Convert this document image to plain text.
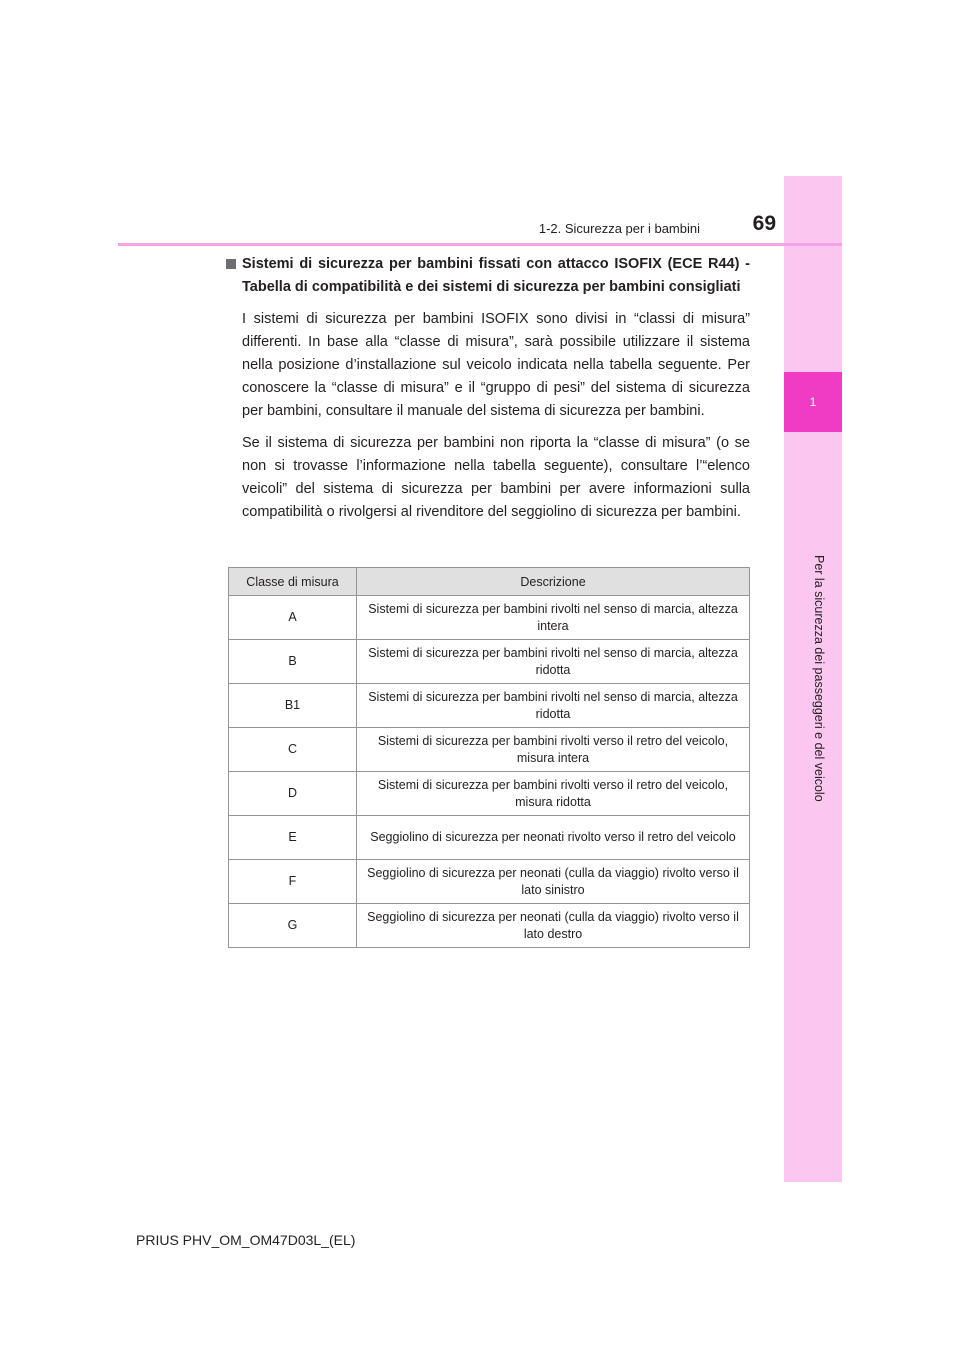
1
Per la sicurezza dei passeggeri e del veicolo
1-2. Sicurezza per i bambini	69
Sistemi di sicurezza per bambini fissati con attacco ISOFIX (ECE R44) - Tabella di compatibilità e dei sistemi di sicurezza per bambini consigliati

I sistemi di sicurezza per bambini ISOFIX sono divisi in “classi di misura” differenti. In base alla “classe di misura”, sarà possibile utilizzare il sistema nella posizione d’installazione sul veicolo indicata nella tabella seguente. Per conoscere la “classe di misura” e il “gruppo di pesi” del sistema di sicurezza per bambini, consultare il manuale del sistema di sicurezza per bambini.

Se il sistema di sicurezza per bambini non riporta la “classe di misura” (o se non si trovasse l’informazione nella tabella seguente), consultare l’“elenco veicoli” del sistema di sicurezza per bambini per avere informazioni sulla compatibilità o rivolgersi al rivenditore del seggiolino di sicurezza per bambini.

Classe di misura	Descrizione
A	Sistemi di sicurezza per bambini rivolti nel senso di marcia, altezza intera
B	Sistemi di sicurezza per bambini rivolti nel senso di marcia, altezza ridotta
B1	Sistemi di sicurezza per bambini rivolti nel senso di marcia, altezza ridotta
C	Sistemi di sicurezza per bambini rivolti verso il retro del veicolo, misura intera
D	Sistemi di sicurezza per bambini rivolti verso il retro del veicolo, misura ridotta
E	Seggiolino di sicurezza per neonati rivolto verso il retro del veicolo
F	Seggiolino di sicurezza per neonati (culla da viaggio) rivolto verso il lato sinistro
G	Seggiolino di sicurezza per neonati (culla da viaggio) rivolto verso il lato destro
PRIUS PHV_OM_OM47D03L_(EL)
